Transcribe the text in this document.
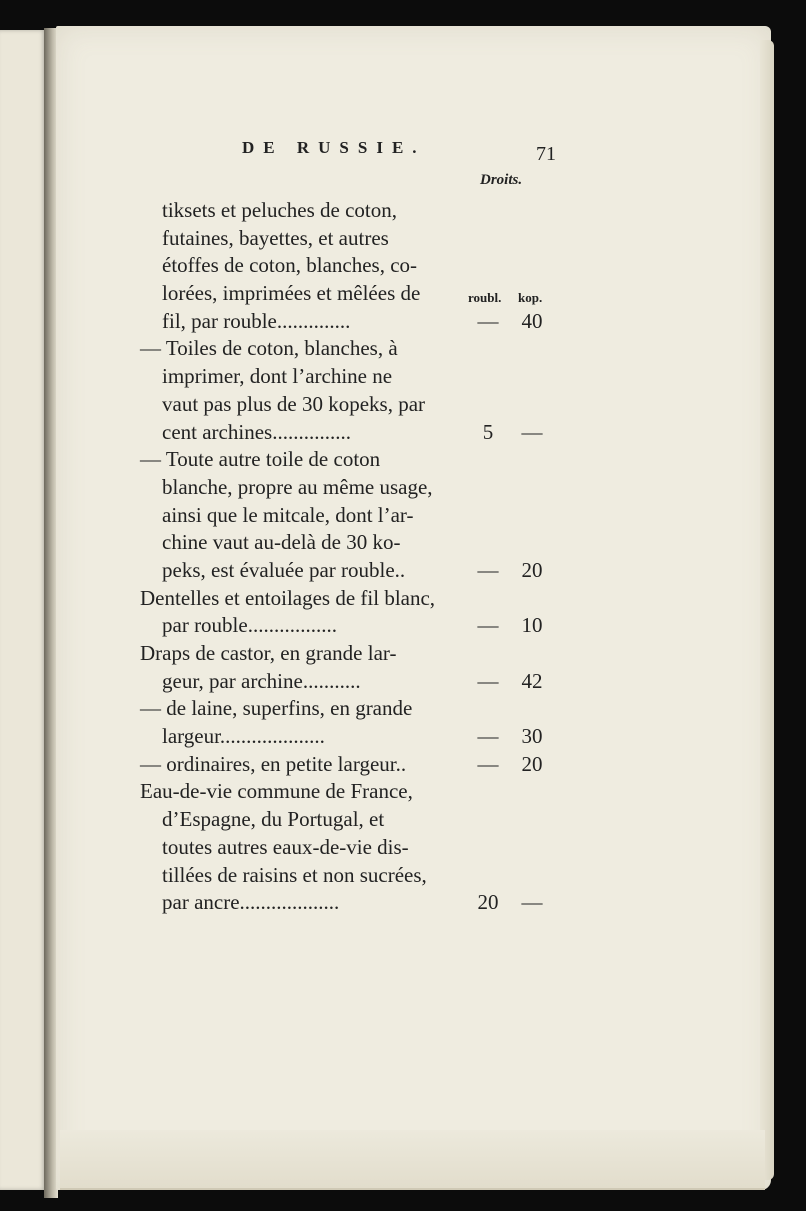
DE RUSSIE.	71
Droits.
roubl. kop.
tiksets et peluches de coton,
futaines, bayettes, et autres
étoffes de coton, blanches, co-
lorées, imprimées et mêlées de
fil, par rouble..............	—	40
— Toiles de coton, blanches, à
imprimer, dont l’archine ne
vaut pas plus de 30 kopeks, par
cent archines...............	5	—
— Toute autre toile de coton
blanche, propre au même usage,
ainsi que le mitcale, dont l’ar-
chine vaut au-delà de 30 ko-
peks, est évaluée par rouble..	—	20
Dentelles et entoilages de fil blanc,
par rouble.................	—	10
Draps de castor, en grande lar-
geur, par archine...........	—	42
— de laine, superfins, en grande
largeur....................	—	30
— ordinaires, en petite largeur..	—	20
Eau-de-vie commune de France,
d’Espagne, du Portugal, et
toutes autres eaux-de-vie dis-
tillées de raisins et non sucrées,
par ancre...................	20	—
